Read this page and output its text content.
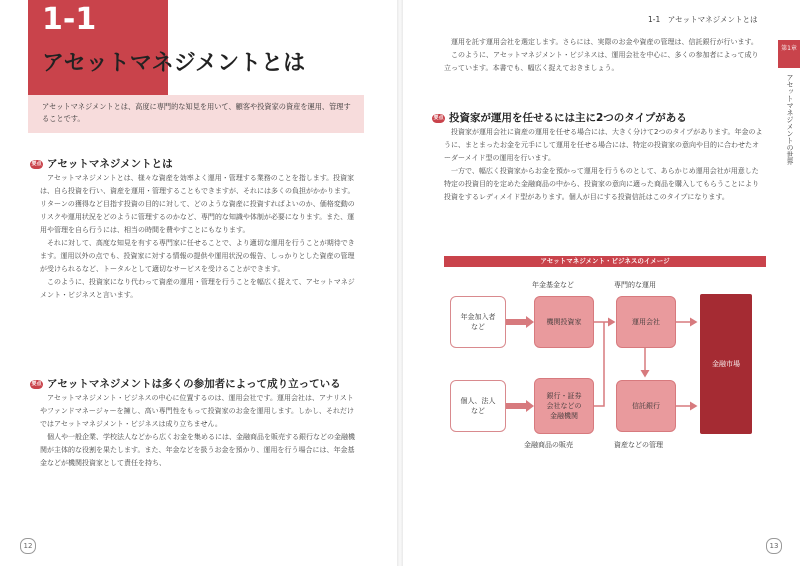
1-1
アセットマネジメントとは
アセットマネジメントとは、高度に専門的な知見を用いて、顧客や投資家の資産を運用、管理することです。
要点 アセットマネジメントとは

アセットマネジメントとは、様々な資産を効率よく運用・管理する業務のことを指します。投資家は、自ら投資を行い、資産を運用・管理することもできますが、それには多くの負担がかかります。リターンの獲得など目指す投資の目的に対して、どのような資産に投資すればよいのか、価格変動のリスクや運用状況をどのように管理するのかなど、専門的な知識や体制が必要になります。また、運用や管理を自ら行うには、相当の時間を費やすことにもなります。

それに対して、高度な知見を有する専門家に任せることで、より適切な運用を行うことが期待できます。運用以外の点でも、投資家に対する情報の提供や運用状況の報告、しっかりとした資産の管理が受けられるなど、トータルとして適切なサービスを受けることができます。

このように、投資家になり代わって資産の運用・管理を行うことを幅広く捉えて、アセットマネジメント・ビジネスと言います。

要点 アセットマネジメントは多くの参加者によって成り立っている

アセットマネジメント・ビジネスの中心に位置するのは、運用会社です。運用会社は、アナリストやファンドマネージャーを擁し、高い専門性をもって投資家のお金を運用します。しかし、それだけではアセットマネジメント・ビジネスは成り立ちません。

個人や一般企業、学校法人などから広くお金を集めるには、金融商品を販売する銀行などの金融機関が主体的な役割を果たします。また、年金などを扱うお金を預かり、運用を行う場合には、年金基金などが機関投資家として責任を持ち、

12
1-1　アセットマネジメントとは
第1章
アセットマネジメントの世界

運用を託す運用会社を選定します。さらには、実際のお金や資産の管理は、信託銀行が行います。

このように、アセットマネジメント・ビジネスは、運用会社を中心に、多くの参加者によって成り立っています。本書でも、幅広く捉えておきましょう。

要点 投資家が運用を任せるには主に2つのタイプがある

投資家が運用会社に資産の運用を任せる場合には、大きく分けて2つのタイプがあります。年金のように、まとまったお金を元手にして運用を任せる場合には、特定の投資家の意向や目的に合わせたオーダーメイド型の運用を行います。

一方で、幅広く投資家からお金を預かって運用を行うものとして、あらかじめ運用会社が用意した特定の投資目的を定めた金融商品の中から、投資家の意向に適った商品を購入してもらうことにより投資をするレディメイド型があります。個人が目にする投資信託はこのタイプになります。

アセットマネジメント・ビジネスのイメージ
年金基金など	専門的な運用
金融商品の販売	資産などの管理
年金加入者
など
個人、法人
など
機関投資家
銀行・証券
会社などの
金融機関
運用会社
信託銀行
金融市場
13
